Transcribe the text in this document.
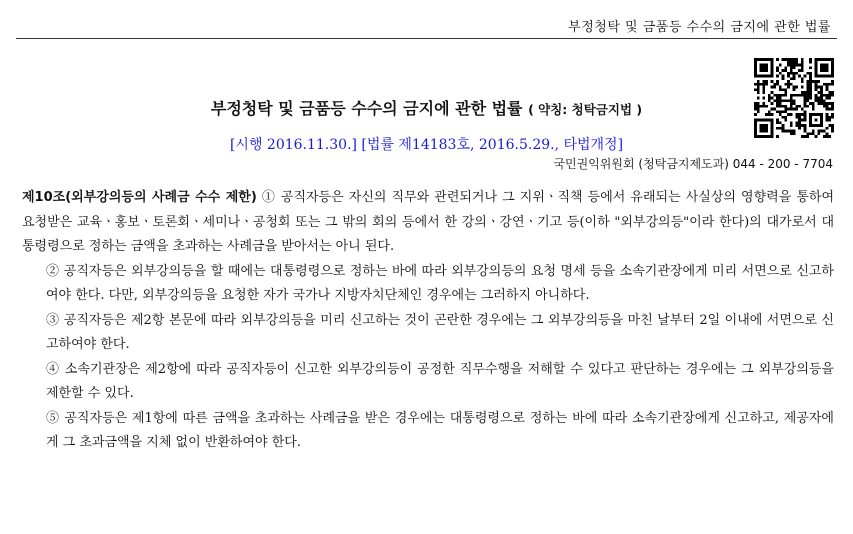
부정청탁 및 금품등 수수의 금지에 관한 법률
부정청탁 및 금품등 수수의 금지에 관한 법률 ( 약칭: 청탁금지법 )
[시행 2016.11.30.] [법률 제14183호, 2016.5.29., 타법개정]
국민권익위원회 (청탁금지제도과) 044 - 200 - 7704

제10조(외부강의등의 사례금 수수 제한) ① 공직자등은 자신의 직무와 관련되거나 그 지위ㆍ직책 등에서 유래되는 사실상의 영향력을 통하여 요청받은 교육ㆍ홍보ㆍ토론회ㆍ세미나ㆍ공청회 또는 그 밖의 회의 등에서 한 강의ㆍ강연ㆍ기고 등(이하 "외부강의등"이라 한다)의 대가로서 대통령령으로 정하는 금액을 초과하는 사례금을 받아서는 아니 된다.

② 공직자등은 외부강의등을 할 때에는 대통령령으로 정하는 바에 따라 외부강의등의 요청 명세 등을 소속기관장에게 미리 서면으로 신고하여야 한다. 다만, 외부강의등을 요청한 자가 국가나 지방자치단체인 경우에는 그러하지 아니하다.

③ 공직자등은 제2항 본문에 따라 외부강의등을 미리 신고하는 것이 곤란한 경우에는 그 외부강의등을 마친 날부터 2일 이내에 서면으로 신고하여야 한다.

④ 소속기관장은 제2항에 따라 공직자등이 신고한 외부강의등이 공정한 직무수행을 저해할 수 있다고 판단하는 경우에는 그 외부강의등을 제한할 수 있다.

⑤ 공직자등은 제1항에 따른 금액을 초과하는 사례금을 받은 경우에는 대통령령으로 정하는 바에 따라 소속기관장에게 신고하고, 제공자에게 그 초과금액을 지체 없이 반환하여야 한다.
